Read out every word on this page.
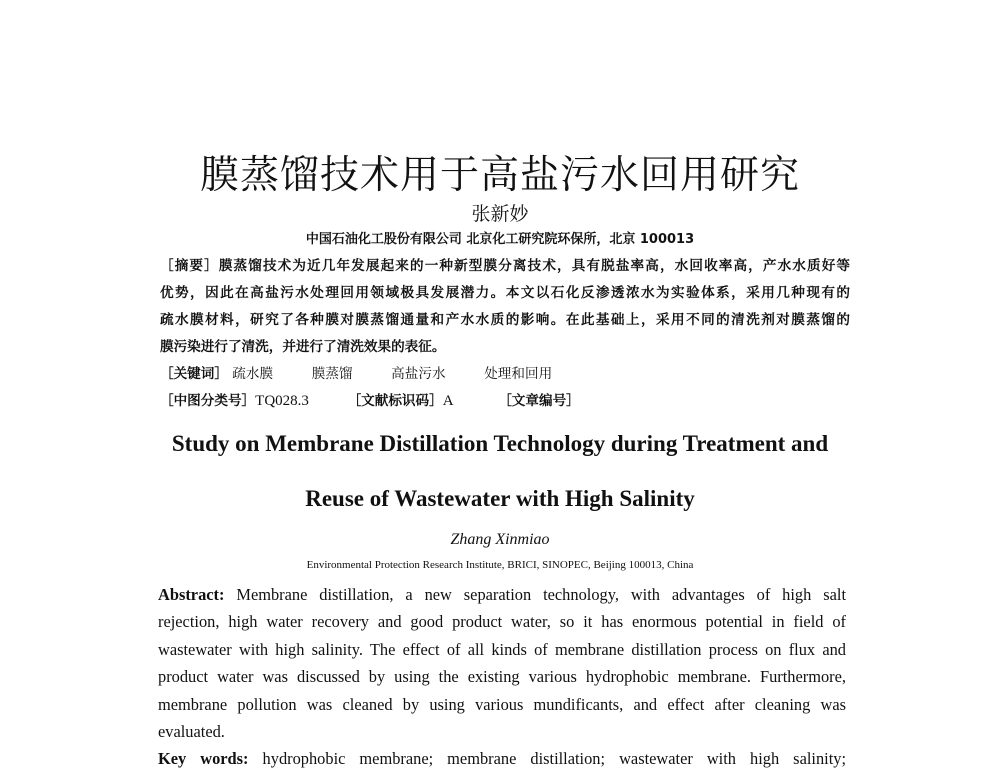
膜蒸馏技术用于高盐污水回用研究
张新妙
中国石油化工股份有限公司 北京化工研究院环保所，北京 100013
［摘要］膜蒸馏技术为近几年发展起来的一种新型膜分离技术，具有脱盐率高，水回收率高，产水水质好等
优势，因此在高盐污水处理回用领域极具发展潜力。本文以石化反渗透浓水为实验体系，采用几种现有的
疏水膜材料，研究了各种膜对膜蒸馏通量和产水水质的影响。在此基础上，采用不同的清洗剂对膜蒸馏的
膜污染进行了清洗，并进行了清洗效果的表征。
［关键词］ 疏水膜	膜蒸馏	高盐污水	处理和回用
［中图分类号］TQ028.3	［文献标识码］A	［文章编号］
Study on Membrane Distillation Technology during Treatment and
Reuse of Wastewater with High Salinity
Zhang Xinmiao
Environmental Protection Research Institute, BRICI, SINOPEC, Beijing 100013, China
Abstract: Membrane distillation, a new separation technology, with advantages of high salt
rejection, high water recovery and good product water, so it has enormous potential in field of
wastewater with high salinity. The effect of all kinds of membrane distillation process on flux and
product water was discussed by using the existing various hydrophobic membrane. Furthermore,
membrane pollution was cleaned by using various mundificants, and effect after cleaning was
evaluated.
Key words: hydrophobic membrane; membrane distillation; wastewater with high salinity;
